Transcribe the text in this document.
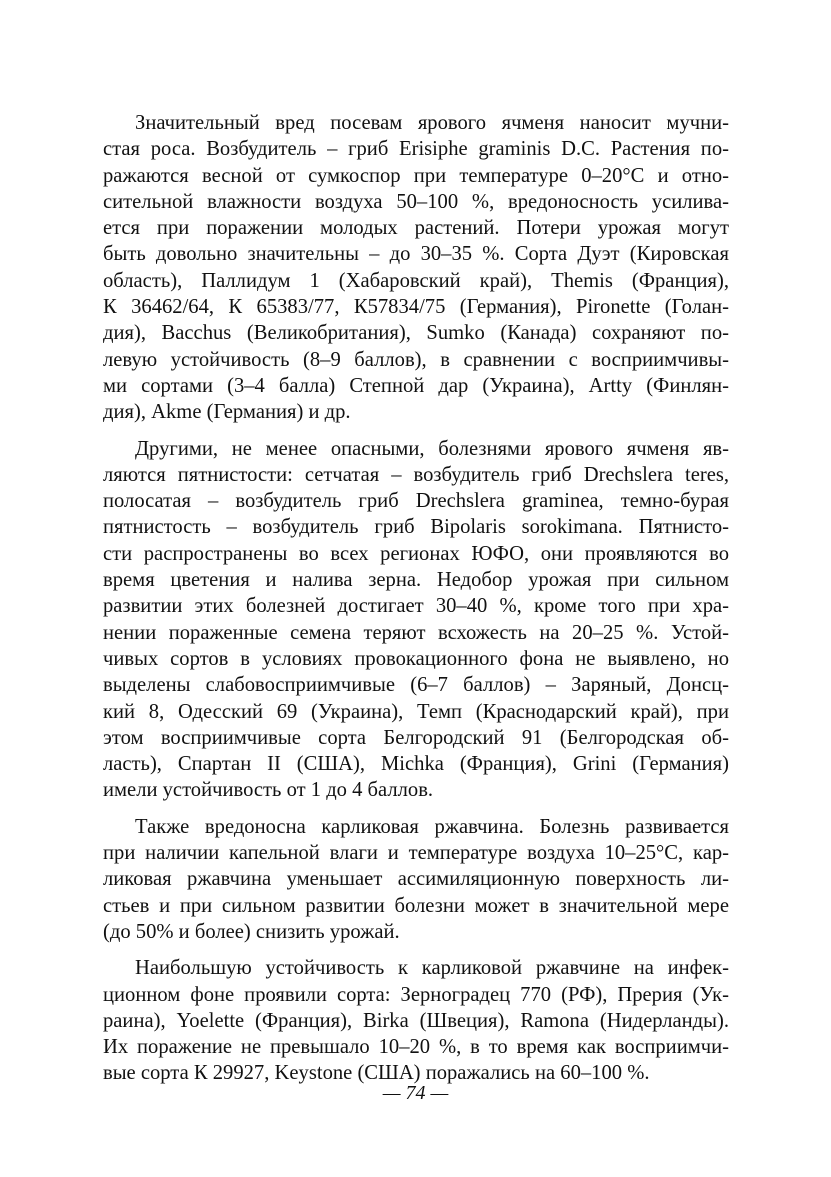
Значительный вред посевам ярового ячменя наносит мучни-
стая роса. Возбудитель – гриб Erisiphe graminis D.C. Растения по-
ражаются весной от сумкоспор при температуре 0–20°С и отно-
сительной влажности воздуха 50–100 %, вредоносность усилива-
ется при поражении молодых растений. Потери урожая могут
быть довольно значительны – до 30–35 %. Сорта Дуэт (Кировская
область), Паллидум 1 (Хабаровский край), Themis (Франция),
К 36462/64, К 65383/77, К57834/75 (Германия), Pironette (Голан-
дия), Bacchus (Великобритания), Sumko (Канада) сохраняют по-
левую устойчивость (8–9 баллов), в сравнении с восприимчивы-
ми сортами (3–4 балла) Степной дар (Украина), Artty (Финлян-
дия), Akme (Германия) и др.
Другими, не менее опасными, болезнями ярового ячменя яв-
ляются пятнистости: сетчатая – возбудитель гриб Drechslera teres,
полосатая – возбудитель гриб Drechslera graminea, темно-бурая
пятнистость – возбудитель гриб Bipolaris sorokimana. Пятнисто-
сти распространены во всех регионах ЮФО, они проявляются во
время цветения и налива зерна. Недобор урожая при сильном
развитии этих болезней достигает 30–40 %, кроме того при хра-
нении пораженные семена теряют всхожесть на 20–25 %. Устой-
чивых сортов в условиях провокационного фона не выявлено, но
выделены слабовосприимчивые (6–7 баллов) – Заряный, Донсц-
кий 8, Одесский 69 (Украина), Темп (Краснодарский край), при
этом восприимчивые сорта Белгородский 91 (Белгородская об-
ласть), Спартан II (США), Michka (Франция), Grini (Германия)
имели устойчивость от 1 до 4 баллов.
Также вредоносна карликовая ржавчина. Болезнь развивается
при наличии капельной влаги и температуре воздуха 10–25°С, кар-
ликовая ржавчина уменьшает ассимиляционную поверхность ли-
стьев и при сильном развитии болезни может в значительной мере
(до 50% и более) снизить урожай.
Наибольшую устойчивость к карликовой ржавчине на инфек-
ционном фоне проявили сорта: Зерноградец 770 (РФ), Прерия (Ук-
раина), Yoelette (Франция), Birka (Швеция), Ramona (Нидерланды).
Их поражение не превышало 10–20 %, в то время как восприимчи-
вые сорта К 29927, Keystone (США) поражались на 60–100 %.
— 74 —
